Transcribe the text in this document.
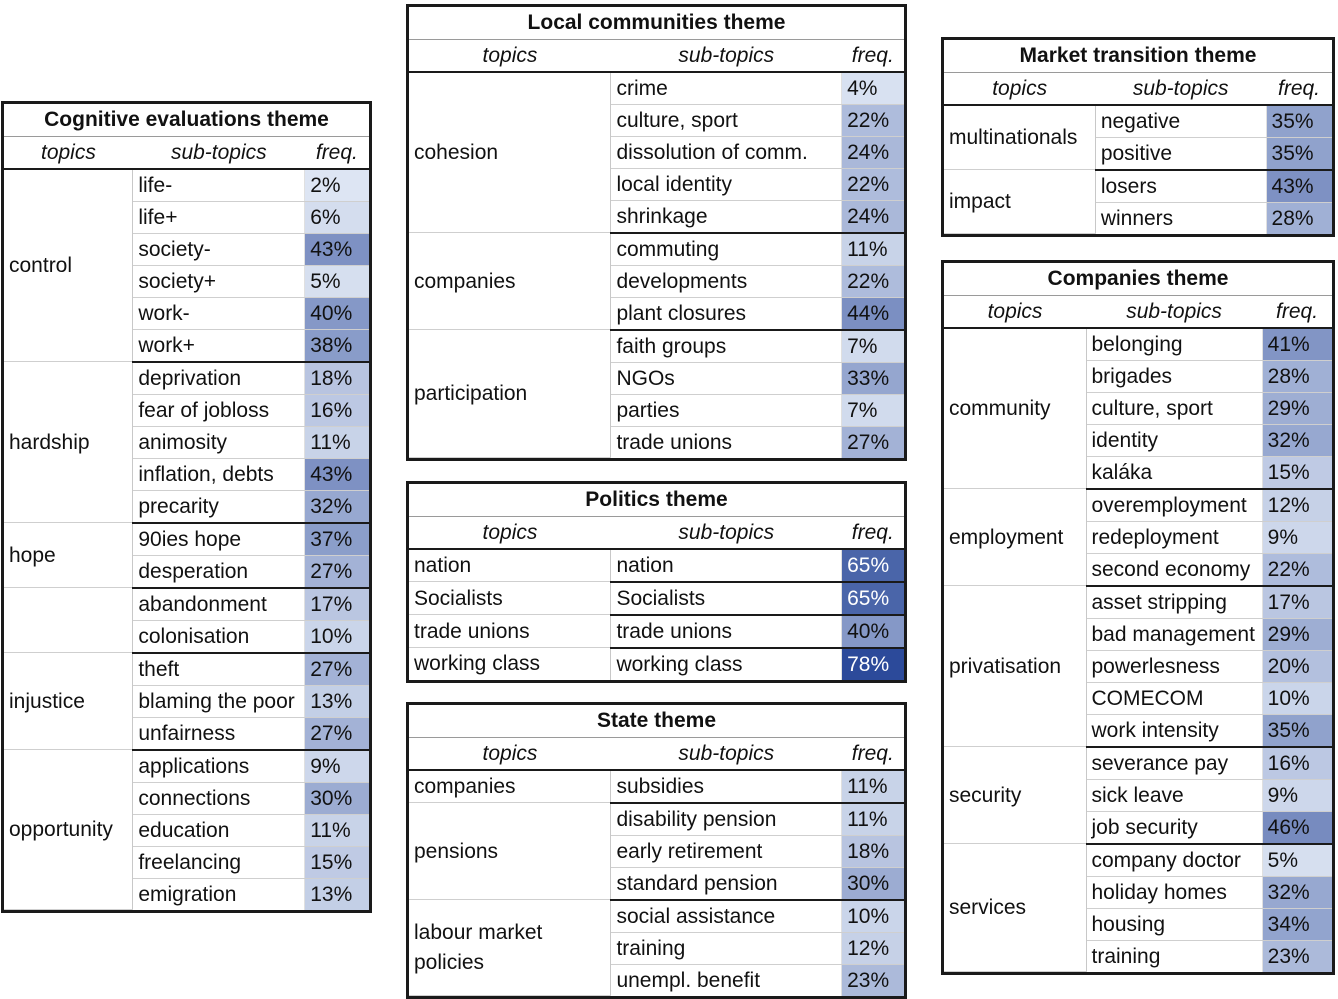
Cognitive evaluations theme		
topics	sub-topics	freq.
control	life-	2%
	life+	6%
	society-	43%
	society+	5%
	work-	40%
	work+	38%
hardship	deprivation	18%
	fear of jobloss	16%
	animosity	11%
	inflation, debts	43%
	precarity	32%
hope	90ies hope	37%
	desperation	27%
	abandonment	17%
	colonisation	10%
injustice	theft	27%
	blaming the poor	13%
	unfairness	27%
opportunity	applications	9%
	connections	30%
	education	11%
	freelancing	15%
	emigration	13%
Local communities theme		
topics	sub-topics	freq.
cohesion	crime	4%
	culture, sport	22%
	dissolution of comm.	24%
	local identity	22%
	shrinkage	24%
companies	commuting	11%
	developments	22%
	plant closures	44%
participation	faith groups	7%
	NGOs	33%
	parties	7%
	trade unions	27%
Politics theme		
topics	sub-topics	freq.
nation	nation	65%
Socialists	Socialists	65%
trade unions	trade unions	40%
working class	working class	78%
State theme		
topics	sub-topics	freq.
companies	subsidies	11%
pensions	disability pension	11%
	early retirement	18%
	standard pension	30%
labour market policies	social assistance	10%
	training	12%
	unempl. benefit	23%
Market transition theme		
topics	sub-topics	freq.
multinationals	negative	35%
	positive	35%
impact	losers	43%
	winners	28%
Companies theme		
topics	sub-topics	freq.
community	belonging	41%
	brigades	28%
	culture, sport	29%
	identity	32%
	kaláka	15%
employment	overemployment	12%
	redeployment	9%
	second economy	22%
privatisation	asset stripping	17%
	bad management	29%
	powerlesness	20%
	COMECOM	10%
	work intensity	35%
security	severance pay	16%
	sick leave	9%
	job security	46%
services	company doctor	5%
	holiday homes	32%
	housing	34%
	training	23%
